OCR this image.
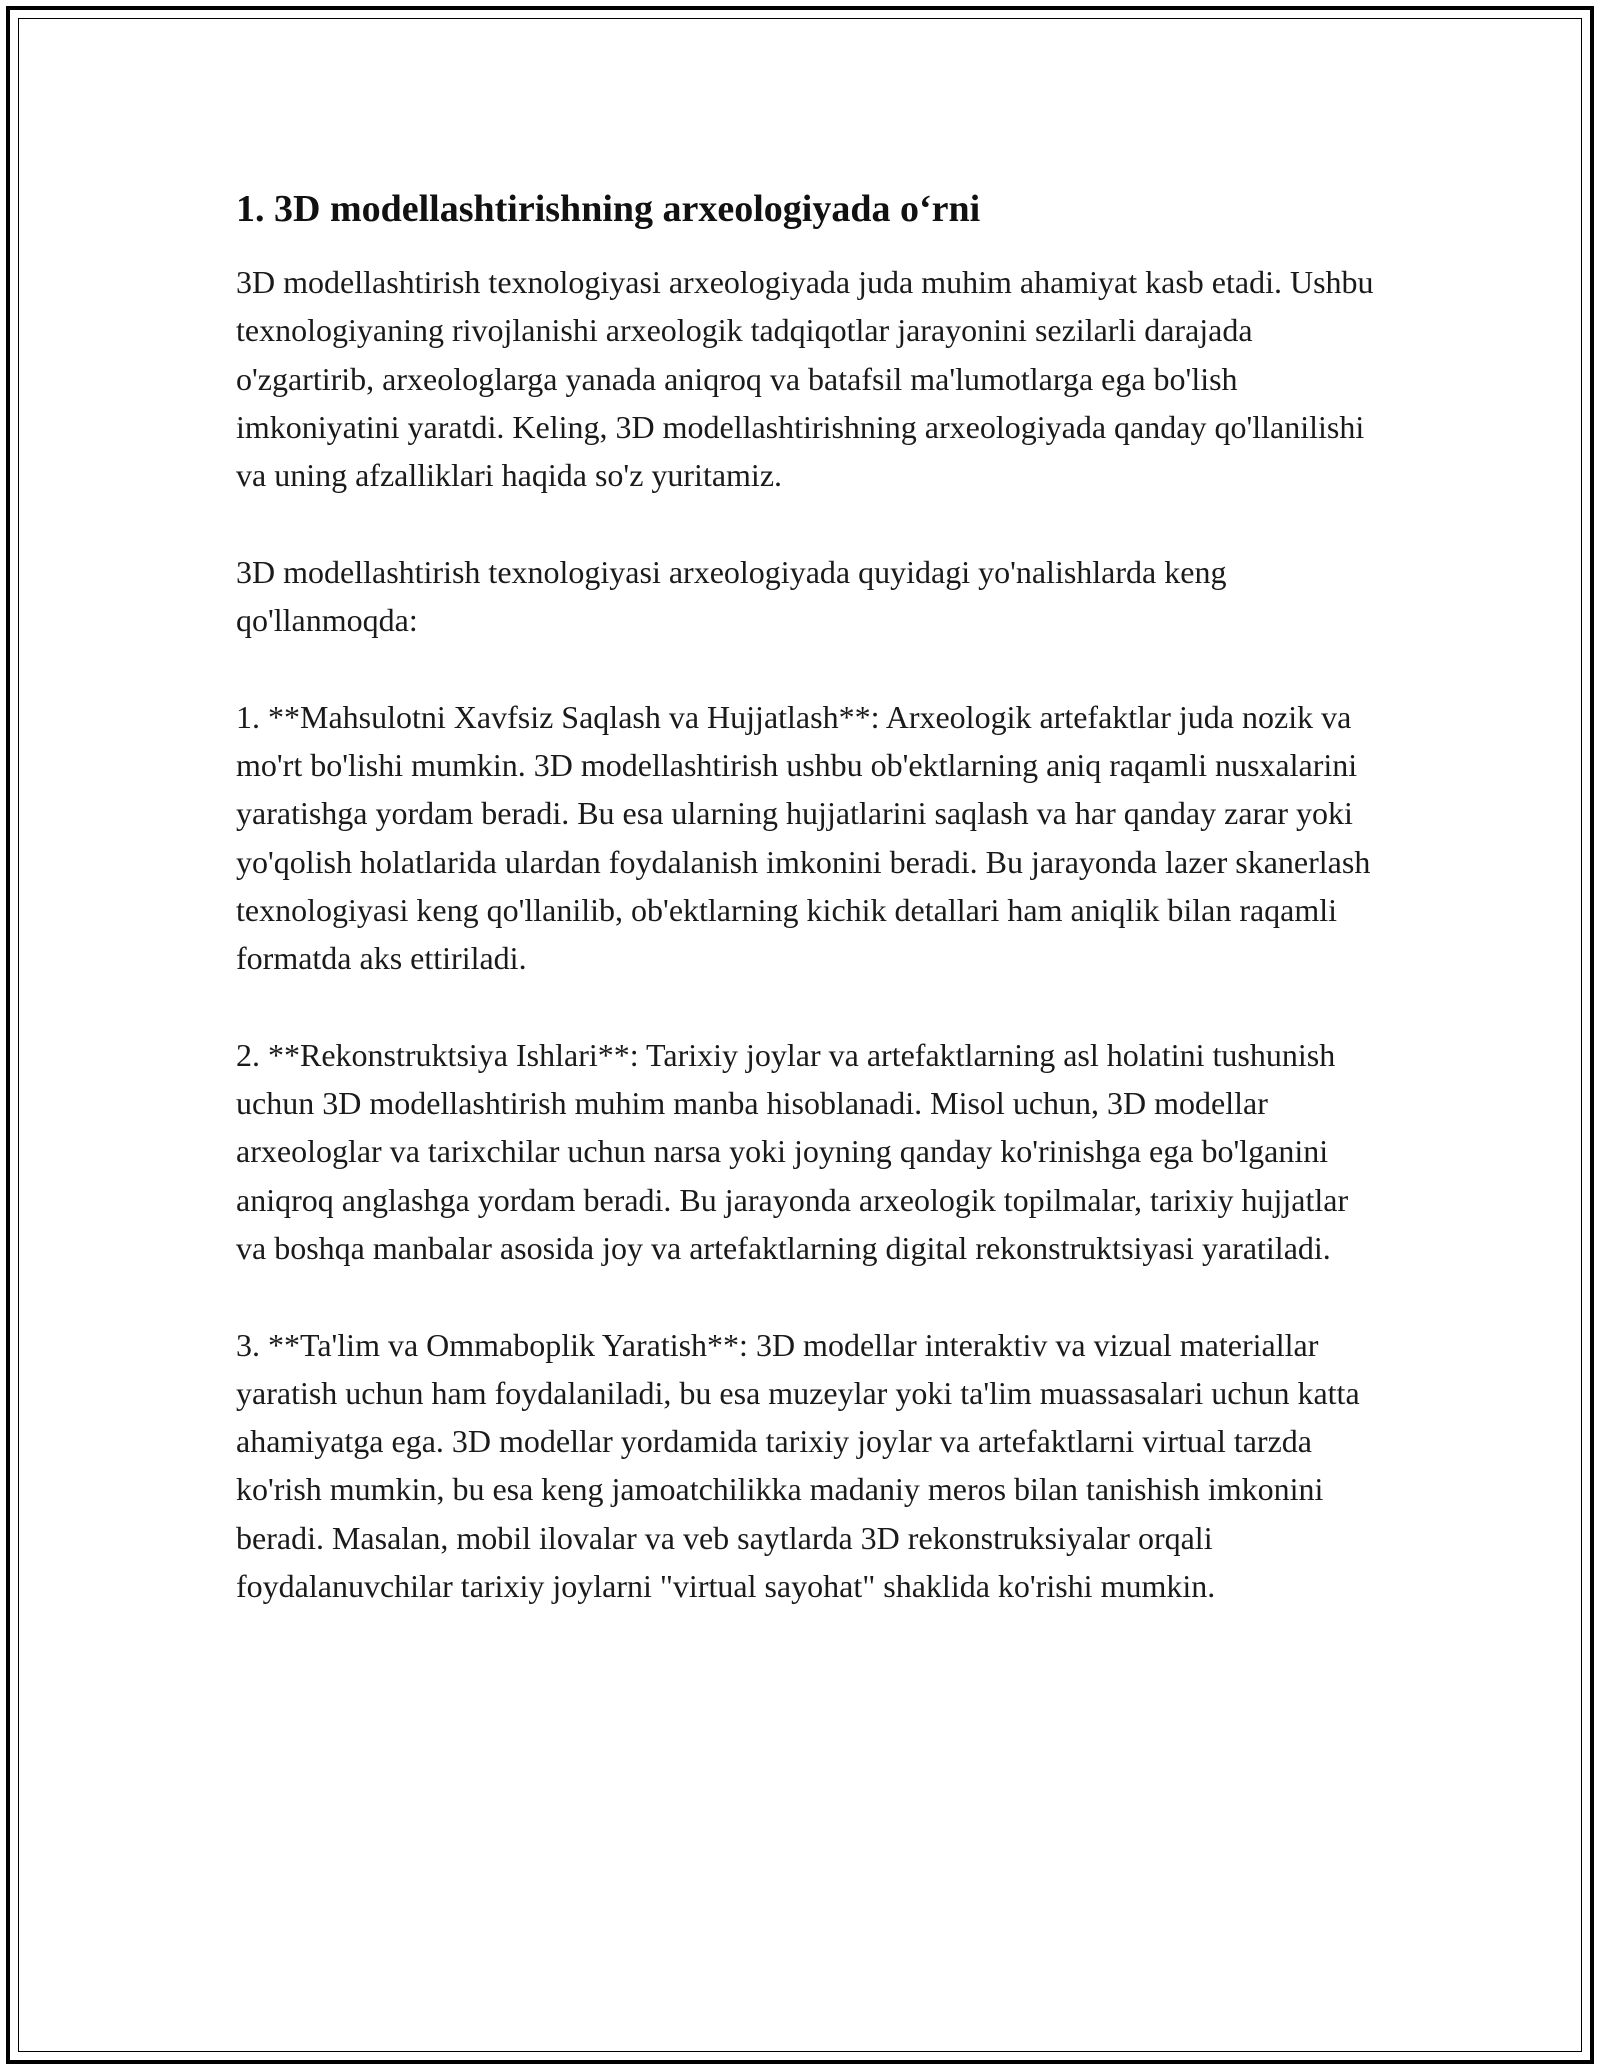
1. 3D modellashtirishning arxeologiyada oʻrni

3D modellashtirish texnologiyasi arxeologiyada juda muhim ahamiyat kasb etadi. Ushbu texnologiyaning rivojlanishi arxeologik tadqiqotlar jarayonini sezilarli darajada o'zgartirib, arxeologlarga yanada aniqroq va batafsil ma'lumotlarga ega bo'lish imkoniyatini yaratdi. Keling, 3D modellashtirishning arxeologiyada qanday qo'llanilishi va uning afzalliklari haqida so'z yuritamiz.

3D modellashtirish texnologiyasi arxeologiyada quyidagi yo'nalishlarda keng qo'llanmoqda:

1. **Mahsulotni Xavfsiz Saqlash va Hujjatlash**: Arxeologik artefaktlar juda nozik va mo'rt bo'lishi mumkin. 3D modellashtirish ushbu ob'ektlarning aniq raqamli nusxalarini yaratishga yordam beradi. Bu esa ularning hujjatlarini saqlash va har qanday zarar yoki yo'qolish holatlarida ulardan foydalanish imkonini beradi. Bu jarayonda lazer skanerlash texnologiyasi keng qo'llanilib, ob'ektlarning kichik detallari ham aniqlik bilan raqamli formatda aks ettiriladi.

2. **Rekonstruktsiya Ishlari**: Tarixiy joylar va artefaktlarning asl holatini tushunish uchun 3D modellashtirish muhim manba hisoblanadi. Misol uchun, 3D modellar arxeologlar va tarixchilar uchun narsa yoki joyning qanday ko'rinishga ega bo'lganini aniqroq anglashga yordam beradi. Bu jarayonda arxeologik topilmalar, tarixiy hujjatlar va boshqa manbalar asosida joy va artefaktlarning digital rekonstruktsiyasi yaratiladi.

3. **Ta'lim va Ommaboplik Yaratish**: 3D modellar interaktiv va vizual materiallar yaratish uchun ham foydalaniladi, bu esa muzeylar yoki ta'lim muassasalari uchun katta ahamiyatga ega. 3D modellar yordamida tarixiy joylar va artefaktlarni virtual tarzda ko'rish mumkin, bu esa keng jamoatchilikka madaniy meros bilan tanishish imkonini beradi. Masalan, mobil ilovalar va veb saytlarda 3D rekonstruksiyalar orqali foydalanuvchilar tarixiy joylarni "virtual sayohat" shaklida ko'rishi mumkin.
